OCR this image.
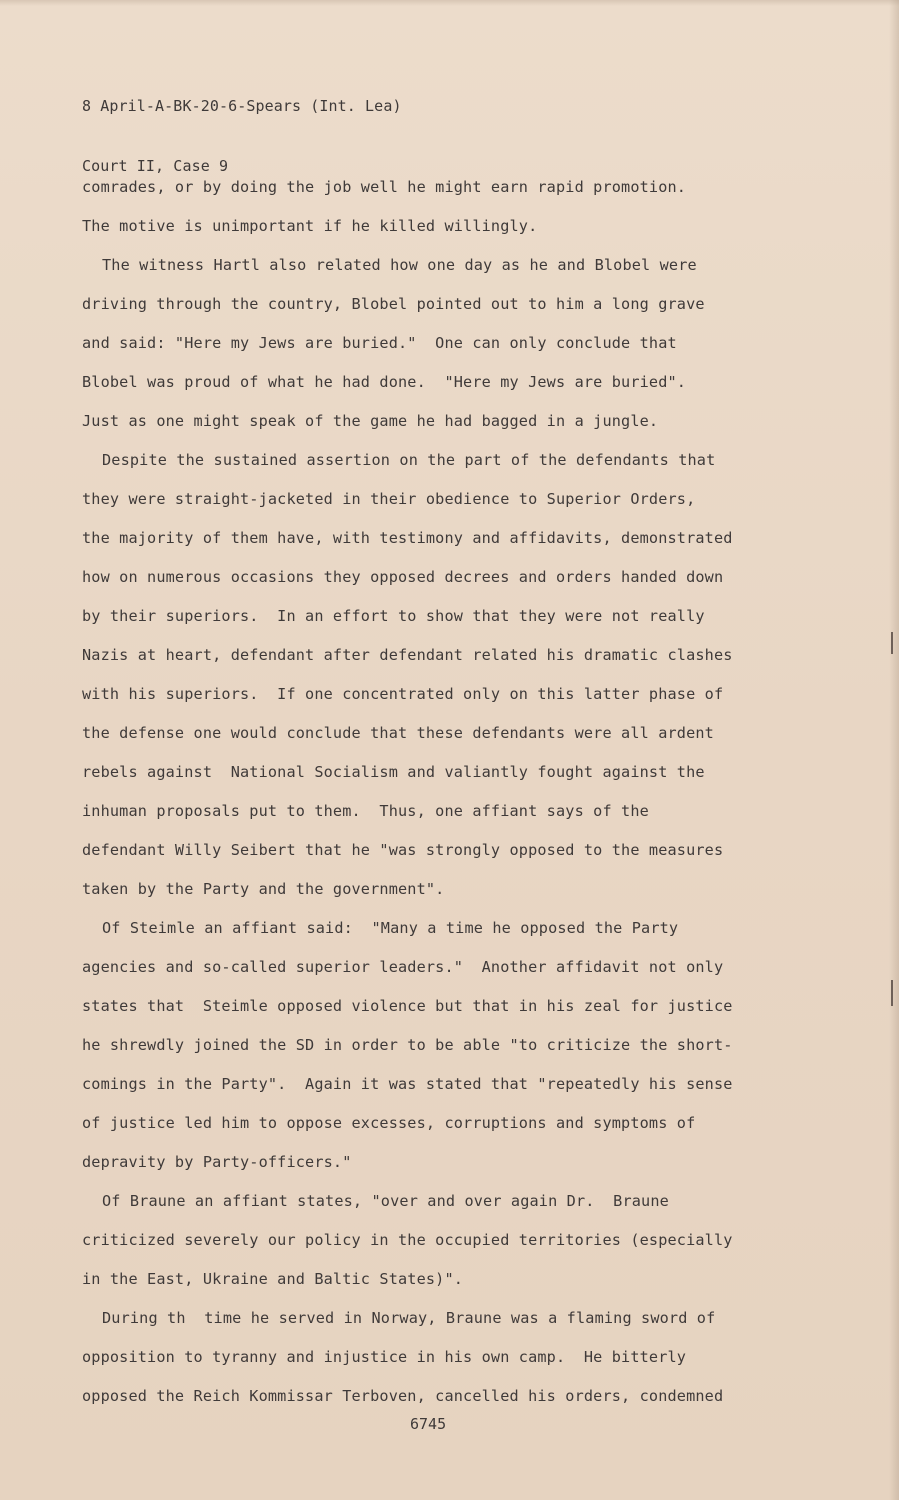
8 April-A-BK-20-6-Spears (Int. Lea)

Court II, Case 9

comrades, or by doing the job well he might earn rapid promotion.
The motive is unimportant if he killed willingly.
The witness Hartl also related how one day as he and Blobel were
driving through the country, Blobel pointed out to him a long grave
and said: "Here my Jews are buried."  One can only conclude that
Blobel was proud of what he had done.  "Here my Jews are buried".
Just as one might speak of the game he had bagged in a jungle.
Despite the sustained assertion on the part of the defendants that
they were straight-jacketed in their obedience to Superior Orders,
the majority of them have, with testimony and affidavits, demonstrated
how on numerous occasions they opposed decrees and orders handed down
by their superiors.  In an effort to show that they were not really
Nazis at heart, defendant after defendant related his dramatic clashes
with his superiors.  If one concentrated only on this latter phase of
the defense one would conclude that these defendants were all ardent
rebels against  National Socialism and valiantly fought against the
inhuman proposals put to them.  Thus, one affiant says of the
defendant Willy Seibert that he "was strongly opposed to the measures
taken by the Party and the government".
Of Steimle an affiant said:  "Many a time he opposed the Party
agencies and so-called superior leaders."  Another affidavit not only
states that  Steimle opposed violence but that in his zeal for justice
he shrewdly joined the SD in order to be able "to criticize the short-
comings in the Party".  Again it was stated that "repeatedly his sense
of justice led him to oppose excesses, corruptions and symptoms of
depravity by Party-officers."
Of Braune an affiant states, "over and over again Dr.  Braune
criticized severely our policy in the occupied territories (especially
in the East, Ukraine and Baltic States)".
During th  time he served in Norway, Braune was a flaming sword of
opposition to tyranny and injustice in his own camp.  He bitterly
opposed the Reich Kommissar Terboven, cancelled his orders, condemned
6745
